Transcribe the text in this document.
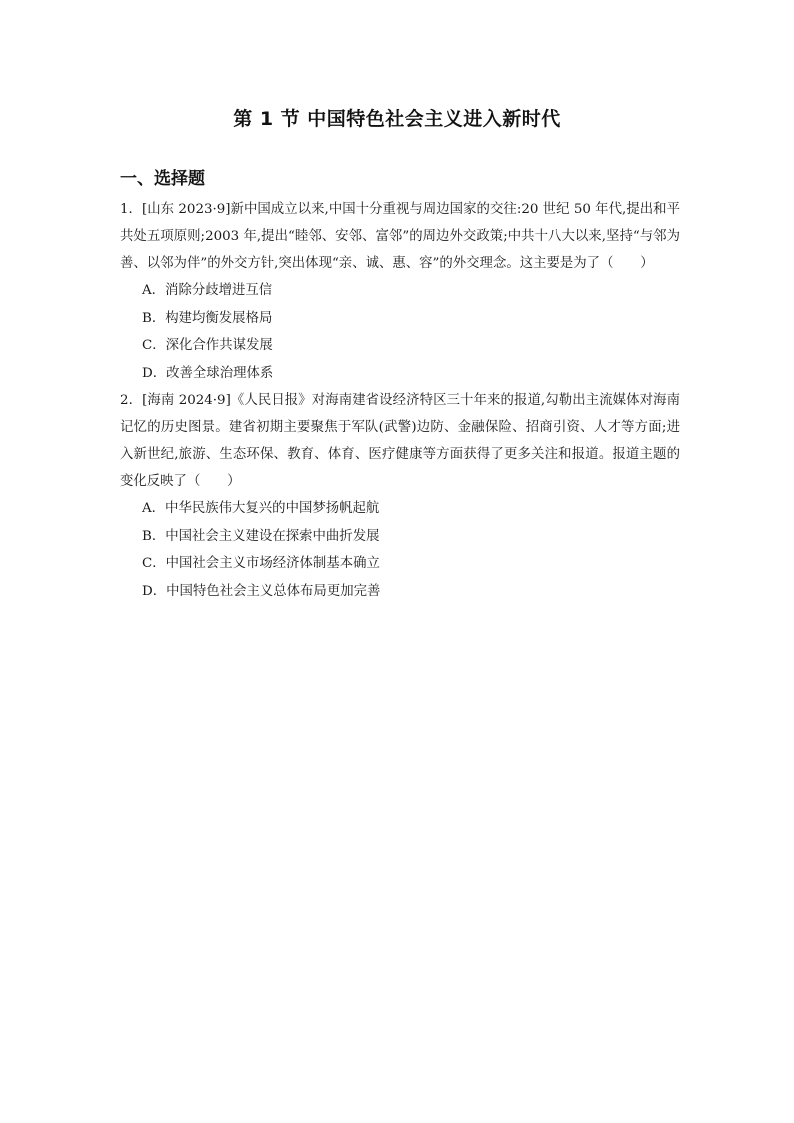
第 1 节 中国特色社会主义进入新时代
一、选择题

1．[山东 2023·9]新中国成立以来,中国十分重视与周边国家的交往:20 世纪 50 年代,提出和平共处五项原则;2003 年,提出“睦邻、安邻、富邻”的周边外交政策;中共十八大以来,坚持“与邻为善、以邻为伴”的外交方针,突出体现“亲、诚、惠、容”的外交理念。这主要是为了（　　）

A．消除分歧增进互信
B．构建均衡发展格局
C．深化合作共谋发展
D．改善全球治理体系

2．[海南 2024·9]《人民日报》对海南建省设经济特区三十年来的报道,勾勒出主流媒体对海南记忆的历史图景。建省初期主要聚焦于军队(武警)边防、金融保险、招商引资、人才等方面;进入新世纪,旅游、生态环保、教育、体育、医疗健康等方面获得了更多关注和报道。报道主题的变化反映了（　　）

A．中华民族伟大复兴的中国梦扬帆起航
B．中国社会主义建设在探索中曲折发展
C．中国社会主义市场经济体制基本确立
D．中国特色社会主义总体布局更加完善
